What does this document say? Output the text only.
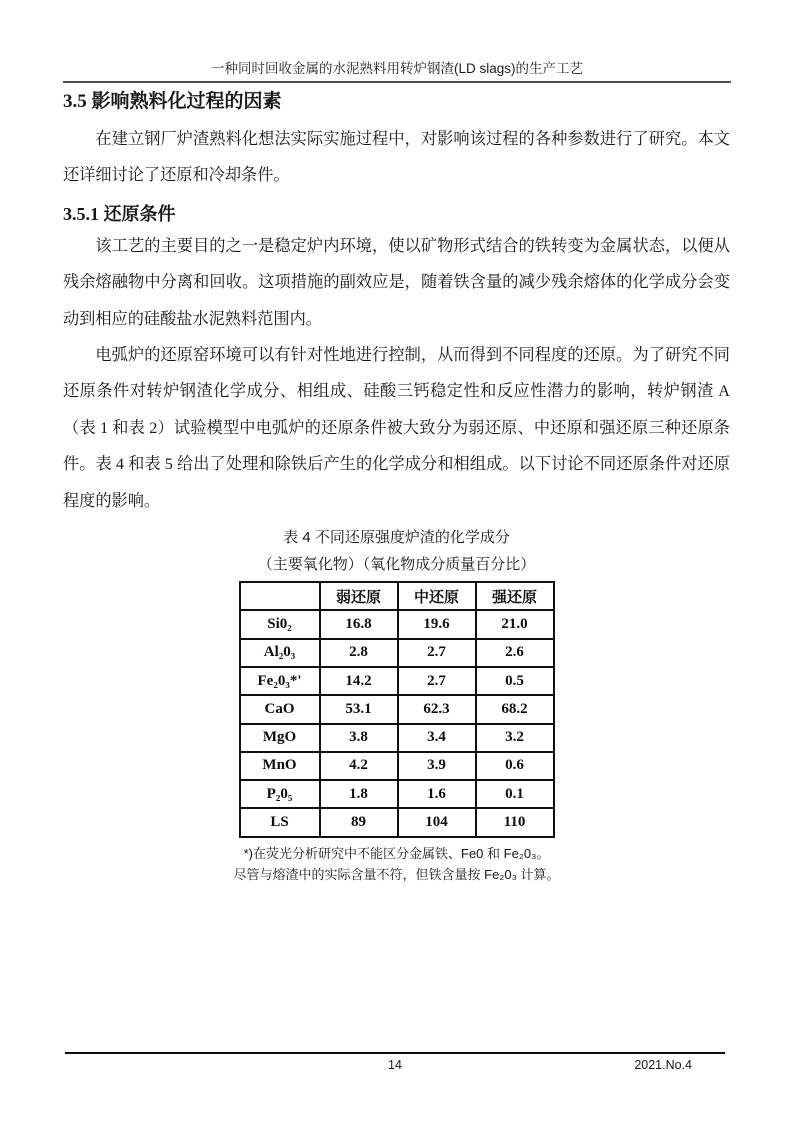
一种同时回收金属的水泥熟料用转炉钢渣(LD slags)的生产工艺
3.5 影响熟料化过程的因素

在建立钢厂炉渣熟料化想法实际实施过程中，对影响该过程的各种参数进行了研究。本文还详细讨论了还原和冷却条件。

3.5.1 还原条件

该工艺的主要目的之一是稳定炉内环境，使以矿物形式结合的铁转变为金属状态，以便从残余熔融物中分离和回收。这项措施的副效应是，随着铁含量的减少残余熔体的化学成分会变动到相应的硅酸盐水泥熟料范围内。

电弧炉的还原窑环境可以有针对性地进行控制，从而得到不同程度的还原。为了研究不同还原条件对转炉钢渣化学成分、相组成、硅酸三钙稳定性和反应性潜力的影响，转炉钢渣 A（表 1 和表 2）试验模型中电弧炉的还原条件被大致分为弱还原、中还原和强还原三种还原条件。表 4 和表 5 给出了处理和除铁后产生的化学成分和相组成。以下讨论不同还原条件对还原程度的影响。

表 4 不同还原强度炉渣的化学成分
（主要氧化物）（氧化物成分质量百分比）
	弱还原	中还原	强还原
Si0₂	16.8	19.6	21.0
Al₂0₃	2.8	2.7	2.6
Fe₂0₃*'	14.2	2.7	0.5
CaO	53.1	62.3	68.2
MgO	3.8	3.4	3.2
MnO	4.2	3.9	0.6
P₂0₅	1.8	1.6	0.1
LS	89	104	110
*)在荧光分析研究中不能区分金属铁、Fe0 和 Fe₂0₃。
尽管与熔渣中的实际含量不符，但铁含量按 Fe₂0₃ 计算。
14	2021.No.4
